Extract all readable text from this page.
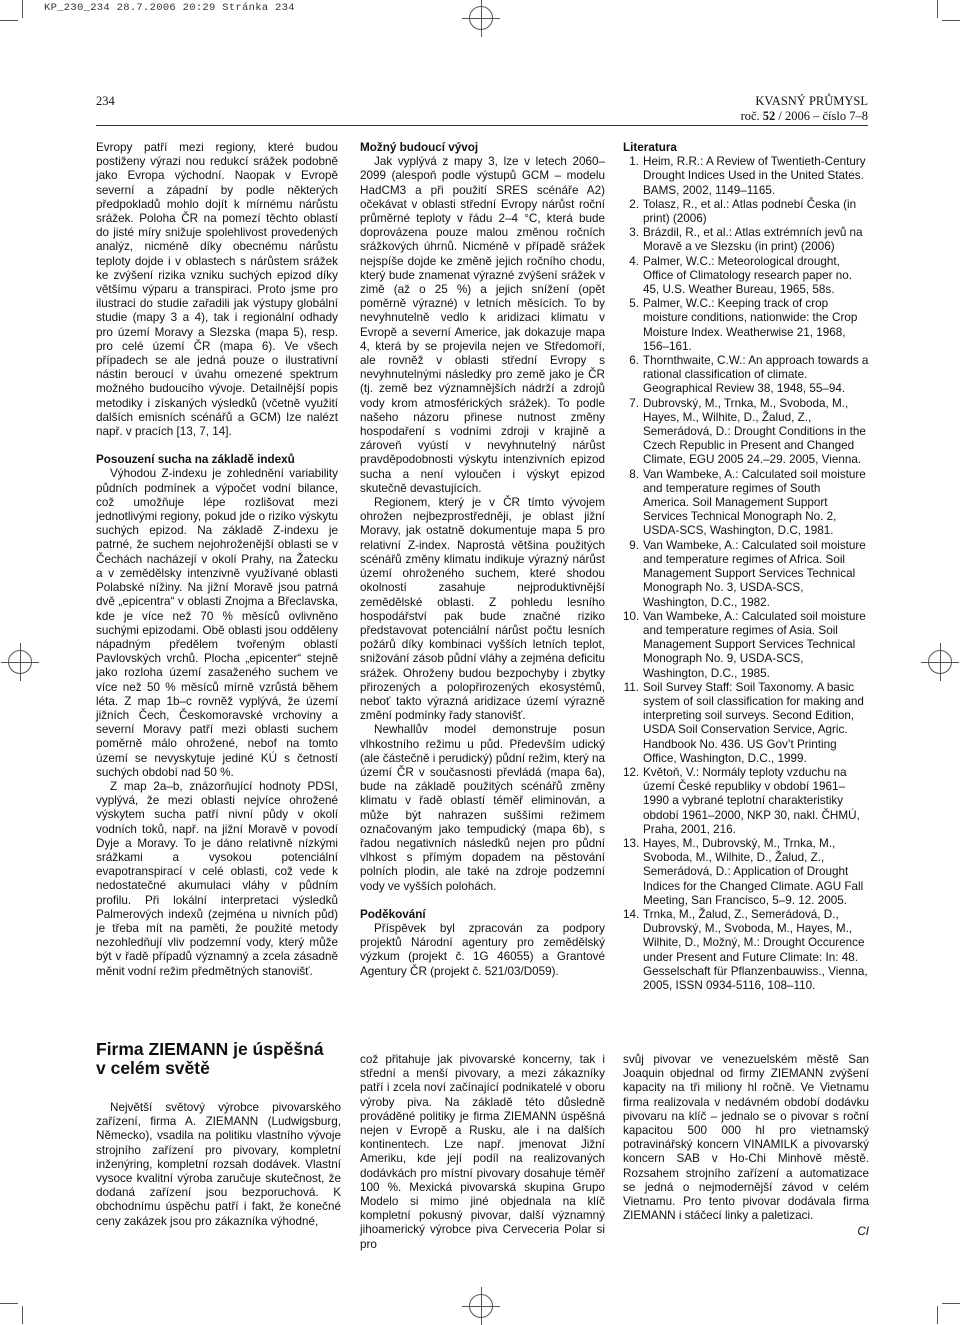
KP_230_234 28.7.2006 20:29 Stránka 234
234	KVASNÝ PRŮMYSL
roč. 52 / 2006 – číslo 7–8

Evropy patří mezi regiony, které budou postiženy výrazi nou redukcí srážek podobně jako Evropa východní. Naopak v Evropě severní a západní by podle některých předpokladů mohlo dojít k mírnému nárůstu srážek. Poloha ČR na pomezí těchto oblastí do jisté míry snižuje spolehlivost provedených analýz, nicméně díky obecnému nárůstu teploty dojde i v oblastech s nárůstem srážek ke zvýšení rizika vzniku suchých epizod díky většímu výparu a transpiraci. Proto jsme pro ilustraci do studie zařadili jak výstupy globální studie (mapy 3 a 4), tak i regionální odhady pro území Moravy a Slezska (mapa 5), resp. pro celé území ČR (mapa 6). Ve všech případech se ale jedná pouze o ilustrativní nástin beroucí v úvahu omezené spektrum možného budoucího vývoje. Detailnější popis metodiky i získaných výsledků (včetně využití dalších emisních scénářů a GCM) lze nalézt např. v pracích [13, 7, 14].

Posouzení sucha na základě indexů

Výhodou Z-indexu je zohlednění variability půdních podmínek a výpočet vodní bilance, což umožňuje lépe rozlišovat mezi jednotlivými regiony, pokud jde o riziko výskytu suchých epizod. Na základě Z-indexu je patrné, že suchem nejohroženější oblasti se v Čechách nacházejí v okolí Prahy, na Žatecku a v zemědělsky intenzivně využívané oblasti Polabské nížiny. Na jižní Moravě jsou patrná dvě „epicentra“ v oblasti Znojma a Břeclavska, kde je více než 70 % měsíců ovlivněno suchými epizodami. Obě oblasti jsou odděleny nápadným předělem tvořeným oblastí Pavlovských vrchů. Plocha „epicenter“ stejně jako rozloha území zasaženého suchem ve více než 50 % měsíců mírně vzrůstá během léta. Z map 1b–c rovněž vyplývá, že území jižních Čech, Českomoravské vrchoviny a severní Moravy patří mezi oblasti suchem poměrně málo ohrožené, nebof na tomto území se nevyskytuje jediné KÚ s četností suchých období nad 50 %.

Z map 2a–b, znázorňující hodnoty PDSI, vyplývá, že mezi oblasti nejvíce ohrožené výskytem sucha patří nivní půdy v okolí vodních toků, např. na jižní Moravě v povodí Dyje a Moravy. To je dáno relativně nízkými srážkami a vysokou potenciální evapotranspirací v celé oblasti, což vede k nedostatečné akumulaci vláhy v půdním profilu. Při lokální interpretaci výsledků Palmerových indexů (zejména u nivních půd) je třeba mít na paměti, že použité metody nezohledňují vliv podzemní vody, který může být v řadě případů významný a zcela zásadně měnit vodní režim předmětných stanovišť.

Možný budoucí vývoj

Jak vyplývá z mapy 3, lze v letech 2060–2099 (alespoň podle výstupů GCM – modelu HadCM3 a při použití SRES scénáře A2) očekávat v oblasti střední Evropy nárůst roční průměrné teploty v řádu 2–4 °C, která bude doprovázena pouze malou změnou ročních srážkových úhrnů. Nicméně v případě srážek nejspíše dojde ke změně jejich ročního chodu, který bude znamenat výrazné zvýšení srážek v zimě (až o 25 %) a jejich snížení (opět poměrně výrazné) v letních měsících. To by nevyhnutelně vedlo k aridizaci klimatu v Evropě a severní Americe, jak dokazuje mapa 4, která by se projevila nejen ve Středomoří, ale rovněž v oblasti střední Evropy s nevyhnutelnými následky pro země jako je ČR (tj. země bez významnějších nádrží a zdrojů vody krom atmosférických srážek). To podle našeho názoru přinese nutnost změny hospodaření s vodními zdroji v krajině a zároveň vyústí v nevyhnutelný nárůst pravděpodobnosti výskytu intenzivních epizod sucha a není vyloučen i výskyt epizod skutečně devastujících.

Regionem, který je v ČR tímto vývojem ohrožen nejbezprostředněji, je oblast jižní Moravy, jak ostatně dokumentuje mapa 5 pro relativní Z-index. Naprostá většina použitých scénářů změny klimatu indikuje výrazný nárůst území ohroženého suchem, které shodou okolností zasahuje nejproduktivnější zemědělské oblasti. Z pohledu lesního hospodářství pak bude značné riziko představovat potenciální nárůst počtu lesních požárů díky kombinaci vyšších letních teplot, snižování zásob půdní vláhy a zejména deficitu srážek. Ohroženy budou bezpochyby i zbytky přirozených a polopřirozených ekosystémů, neboť takto výrazná aridizace území výrazně změní podmínky řady stanovišť.

Newhallův model demonstruje posun vlhkostního režimu u půd. Především udický (ale částečně i perudický) půdní režim, který na území ČR v současnosti převládá (mapa 6a), bude na základě použitých scénářů změny klimatu v řadě oblastí téměř eliminován, a může být nahrazen suššími režimem označovaným jako tempudický (mapa 6b), s řadou negativních následků nejen pro půdní vlhkost s přímým dopadem na pěstování polních plodin, ale také na zdroje podzemní vody ve vyšších polohách.

Poděkování

Příspěvek byl zpracován za podpory projektů Národní agentury pro zemědělský výzkum (projekt č. 1G 46055) a Grantové Agentury ČR (projekt č. 521/03/D059).

Literatura
1. Heim, R.R.: A Review of Twentieth-Century Drought Indices Used in the United States. BAMS, 2002, 1149–1165.
2. Tolasz, R., et al.: Atlas podnebí Česka (in print) (2006)
3. Brázdil, R., et al.: Atlas extrémních jevů na Moravě a ve Slezsku (in print) (2006)
4. Palmer, W.C.: Meteorological drought, Office of Climatology research paper no. 45, U.S. Weather Bureau, 1965, 58s.
5. Palmer, W.C.: Keeping track of crop moisture conditions, nationwide: the Crop Moisture Index. Weatherwise 21, 1968, 156–161.
6. Thornthwaite, C.W.: An approach towards a rational classification of climate. Geographical Review 38, 1948, 55–94.
7. Dubrovský, M., Trnka, M., Svoboda, M., Hayes, M., Wilhite, D., Žalud, Z., Semerádová, D.: Drought Conditions in the Czech Republic in Present and Changed Climate, EGU 2005 24.–29. 2005, Vienna.
8. Van Wambeke, A.: Calculated soil moisture and temperature regimes of South America. Soil Management Support Services Technical Monograph No. 2, USDA-SCS, Washington, D.C, 1981.
9. Van Wambeke, A.: Calculated soil moisture and temperature regimes of Africa. Soil Management Support Services Technical Monograph No. 3, USDA-SCS, Washington, D.C., 1982.
10. Van Wambeke, A.: Calculated soil moisture and temperature regimes of Asia. Soil Management Support Services Technical Monograph No. 9, USDA-SCS, Washington, D.C., 1985.
11. Soil Survey Staff: Soil Taxonomy. A basic system of soil classification for making and interpreting soil surveys. Second Edition, USDA Soil Conservation Service, Agric. Handbook No. 436. US Gov’t Printing Office, Washington, D.C., 1999.
12. Květoň, V.: Normály teploty vzduchu na území České republiky v období 1961–1990 a vybrané teplotní charakteristiky období 1961–2000, NKP 30, nakl. ČHMÚ, Praha, 2001, 216.
13. Hayes, M., Dubrovský, M., Trnka, M., Svoboda, M., Wilhite, D., Žalud, Z., Semerádová, D.: Application of Drought Indices for the Changed Climate. AGU Fall Meeting, San Francisco, 5–9. 12. 2005.
14. Trnka, M., Žalud, Z., Semerádová, D., Dubrovský, M., Svoboda, M., Hayes, M., Wilhite, D., Možný, M.: Drought Occurence under Present and Future Climate: In: 48. Gesselschaft für Pflanzenbauwiss., Vienna, 2005, ISSN 0934-5116, 108–110.
Firma ZIEMANN je úspěšná
v celém světě

Největší světový výrobce pivovarského zařízení, firma A. ZIEMANN (Ludwigsburg, Německo), vsadila na politiku vlastního vývoje strojního zařízení pro pivovary, kompletní inženýring, kompletní rozsah dodávek. Vlastní vysoce kvalitní výroba zaručuje skutečnost, že dodaná zařízení jsou bezporuchová. K obchodnímu úspěchu patří i fakt, že konečné ceny zakázek jsou pro zákazníka výhodné,

což přitahuje jak pivovarské koncerny, tak i střední a menší pivovary, a mezi zákazníky patří i zcela noví začínající podnikatelé v oboru výroby piva. Na základě této důsledně prováděné politiky je firma ZIEMANN úspěšná nejen v Evropě a Rusku, ale i na dalších kontinentech. Lze např. jmenovat Jižní Ameriku, kde její podíl na realizovaných dodávkách pro místní pivovary dosahuje téměř 100 %. Mexická pivovarská skupina Grupo Modelo si mimo jiné objednala na klíč kompletní pokusný pivovar, další významný jihoamerický výrobce piva Cerveceria Polar si pro

svůj pivovar ve venezuelském městě San Joaquin objednal od firmy ZIEMANN zvýšení kapacity na tři miliony hl ročně. Ve Vietnamu firma realizovala v nedávném období dodávku pivovaru na klíč – jednalo se o pivovar s roční kapacitou 500 000 hl pro vietnamský potravinářský koncern VINAMILK a pivovarský koncern SAB v Ho-Chi Minhově městě. Rozsahem strojního zařízení a automatizace se jedná o nejmodernější závod v celém Vietnamu. Pro tento pivovar dodávala firma ZIEMANN i stáčecí linky a paletizaci.

CI
